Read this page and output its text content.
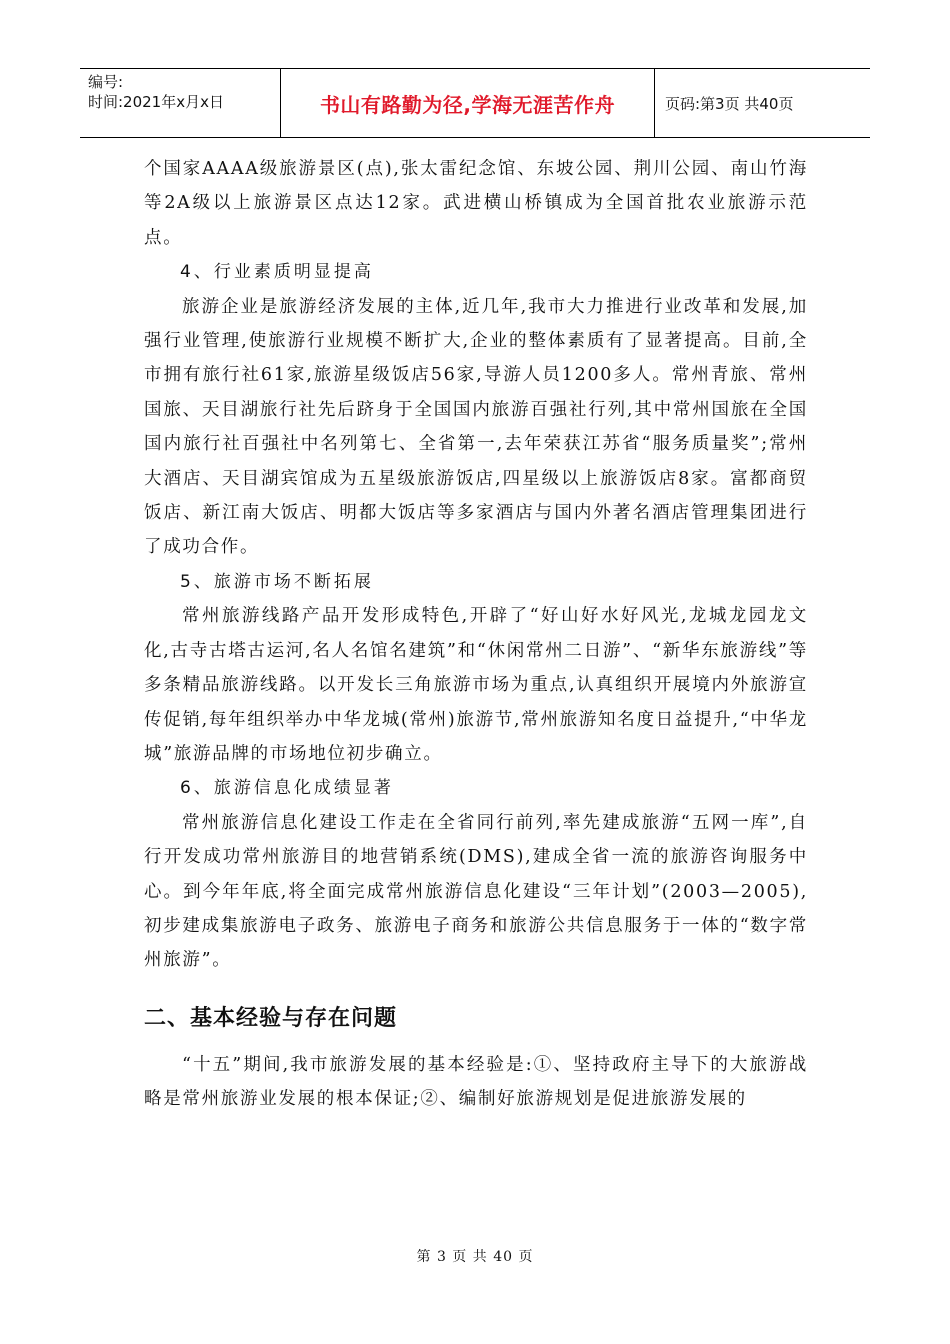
编号:
时间:2021年x月x日	书山有路勤为径,学海无涯苦作舟	页码:第3页 共40页

个国家AAAA级旅游景区(点),张太雷纪念馆、东坡公园、荆川公园、南山竹海等2A级以上旅游景区点达12家。武进横山桥镇成为全国首批农业旅游示范点。

4、行业素质明显提高

旅游企业是旅游经济发展的主体,近几年,我市大力推进行业改革和发展,加强行业管理,使旅游行业规模不断扩大,企业的整体素质有了显著提高。目前,全市拥有旅行社61家,旅游星级饭店56家,导游人员1200多人。常州青旅、常州国旅、天目湖旅行社先后跻身于全国国内旅游百强社行列,其中常州国旅在全国国内旅行社百强社中名列第七、全省第一,去年荣获江苏省“服务质量奖”;常州大酒店、天目湖宾馆成为五星级旅游饭店,四星级以上旅游饭店8家。富都商贸饭店、新江南大饭店、明都大饭店等多家酒店与国内外著名酒店管理集团进行了成功合作。

5、旅游市场不断拓展

常州旅游线路产品开发形成特色,开辟了“好山好水好风光,龙城龙园龙文化,古寺古塔古运河,名人名馆名建筑”和“休闲常州二日游”、“新华东旅游线”等多条精品旅游线路。以开发长三角旅游市场为重点,认真组织开展境内外旅游宣传促销,每年组织举办中华龙城(常州)旅游节,常州旅游知名度日益提升,“中华龙城”旅游品牌的市场地位初步确立。

6、旅游信息化成绩显著

常州旅游信息化建设工作走在全省同行前列,率先建成旅游“五网一库”,自行开发成功常州旅游目的地营销系统(DMS),建成全省一流的旅游咨询服务中心。到今年年底,将全面完成常州旅游信息化建设“三年计划”(2003—2005),初步建成集旅游电子政务、旅游电子商务和旅游公共信息服务于一体的“数字常州旅游”。

二、基本经验与存在问题

“十五”期间,我市旅游发展的基本经验是:①、坚持政府主导下的大旅游战略是常州旅游业发展的根本保证;②、编制好旅游规划是促进旅游发展的

第 3 页 共 40 页
